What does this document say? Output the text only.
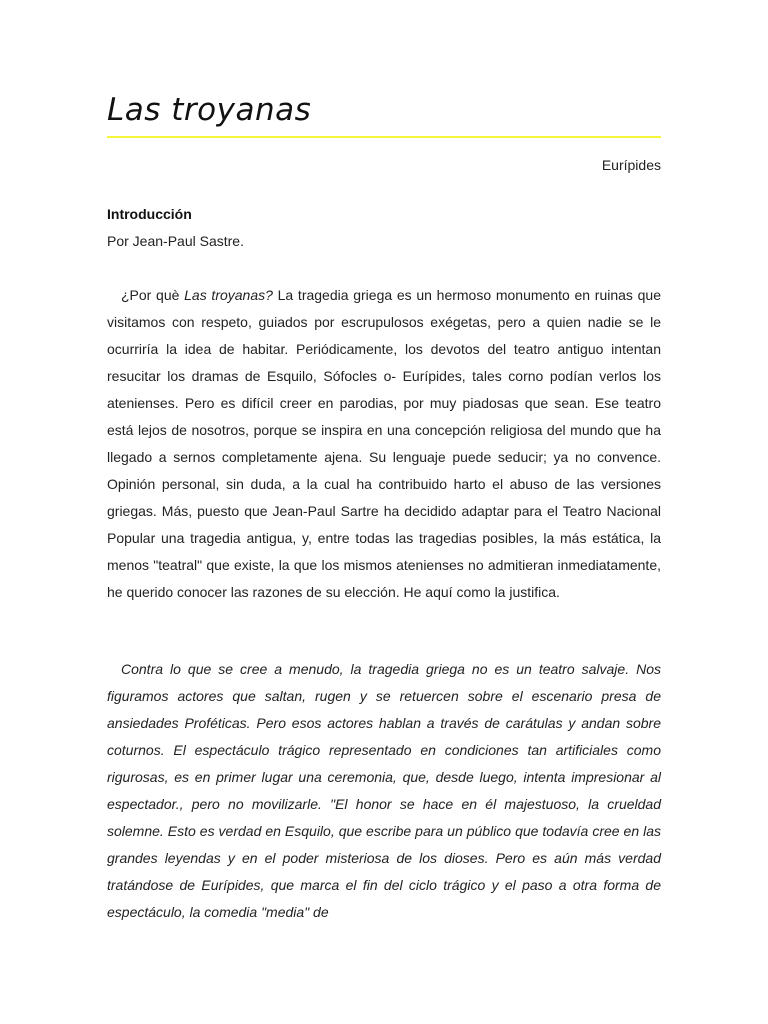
Las troyanas
Eurípides
Introducción
Por Jean-Paul Sastre.

¿Por què Las troyanas? La tragedia griega es un hermoso monumento en ruinas que visitamos con respeto, guiados por escrupulosos exégetas, pero a quien nadie se le ocurriría la idea de habitar. Periódicamente, los devotos del teatro antiguo intentan resucitar los dramas de Esquilo, Sófocles o- Eurípides, tales corno podían verlos los atenienses. Pero es difícil creer en parodias, por muy piadosas que sean. Ese teatro está lejos de nosotros, porque se inspira en una concepción religiosa del mundo que ha llegado a sernos completamente ajena. Su lenguaje puede seducir; ya no convence. Opinión personal, sin duda, a la cual ha contribuido harto el abuso de las versiones griegas. Más, puesto que Jean-Paul Sartre ha decidido adaptar para el Teatro Nacional Popular una tragedia antigua, y, entre todas las tragedias posibles, la más estática, la menos "teatral" que existe, la que los mismos atenienses no admitieran inmediatamente, he querido conocer las razones de su elección. He aquí como la justifica.

Contra lo que se cree a menudo, la tragedia griega no es un teatro salvaje. Nos figuramos actores que saltan, rugen y se retuercen sobre el escenario presa de ansiedades Proféticas. Pero esos actores hablan a través de carátulas y andan sobre coturnos. El espectáculo trágico representado en condiciones tan artificiales como rigurosas, es en primer lugar una ceremonia, que, desde luego, intenta impresionar al espectador., pero no movilizarle. "El honor se hace en él majestuoso, la crueldad solemne. Esto es verdad en Esquilo, que escribe para un público que todavía cree en las grandes leyendas y en el poder misteriosa de los dioses. Pero es aún más verdad tratándose de Eurípides, que marca el fin del ciclo trágico y el paso a otra forma de espectáculo, la comedia "media" de
